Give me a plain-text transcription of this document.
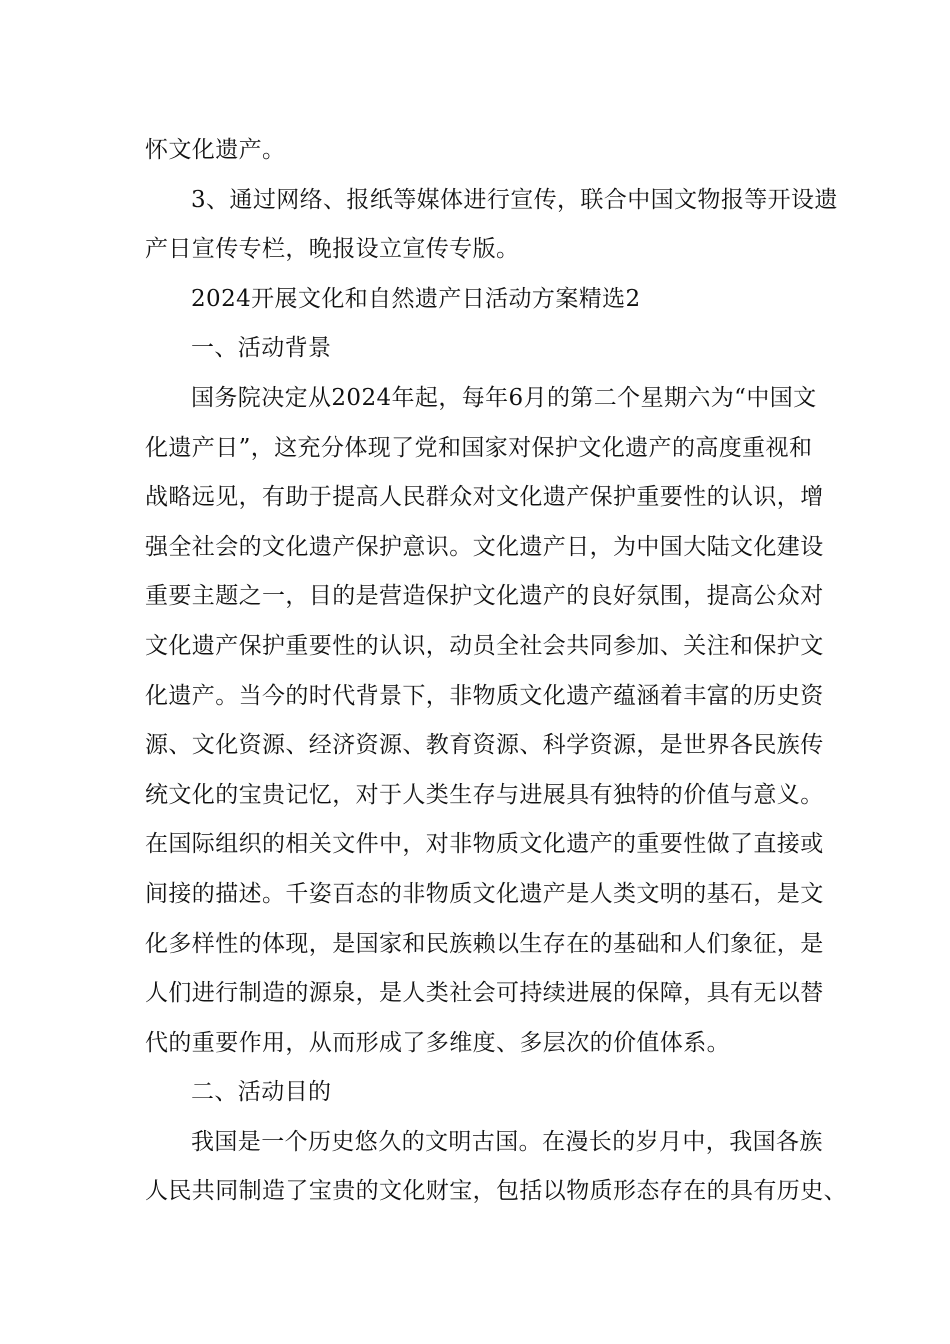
怀文化遗产。
3、通过网络、报纸等媒体进行宣传，联合中国文物报等开设遗
产日宣传专栏，晚报设立宣传专版。
2024开展文化和自然遗产日活动方案精选2
一、活动背景
国务院决定从2024年起，每年6月的第二个星期六为“中国文
化遗产日”，这充分体现了党和国家对保护文化遗产的高度重视和
战略远见，有助于提高人民群众对文化遗产保护重要性的认识，增
强全社会的文化遗产保护意识。文化遗产日，为中国大陆文化建设
重要主题之一，目的是营造保护文化遗产的良好氛围，提高公众对
文化遗产保护重要性的认识，动员全社会共同参加、关注和保护文
化遗产。当今的时代背景下，非物质文化遗产蕴涵着丰富的历史资
源、文化资源、经济资源、教育资源、科学资源，是世界各民族传
统文化的宝贵记忆，对于人类生存与进展具有独特的价值与意义。
在国际组织的相关文件中，对非物质文化遗产的重要性做了直接或
间接的描述。千姿百态的非物质文化遗产是人类文明的基石，是文
化多样性的体现，是国家和民族赖以生存在的基础和人们象征，是
人们进行制造的源泉，是人类社会可持续进展的保障，具有无以替
代的重要作用，从而形成了多维度、多层次的价值体系。
二、活动目的
我国是一个历史悠久的文明古国。在漫长的岁月中，我国各族
人民共同制造了宝贵的文化财宝，包括以物质形态存在的具有历史、
